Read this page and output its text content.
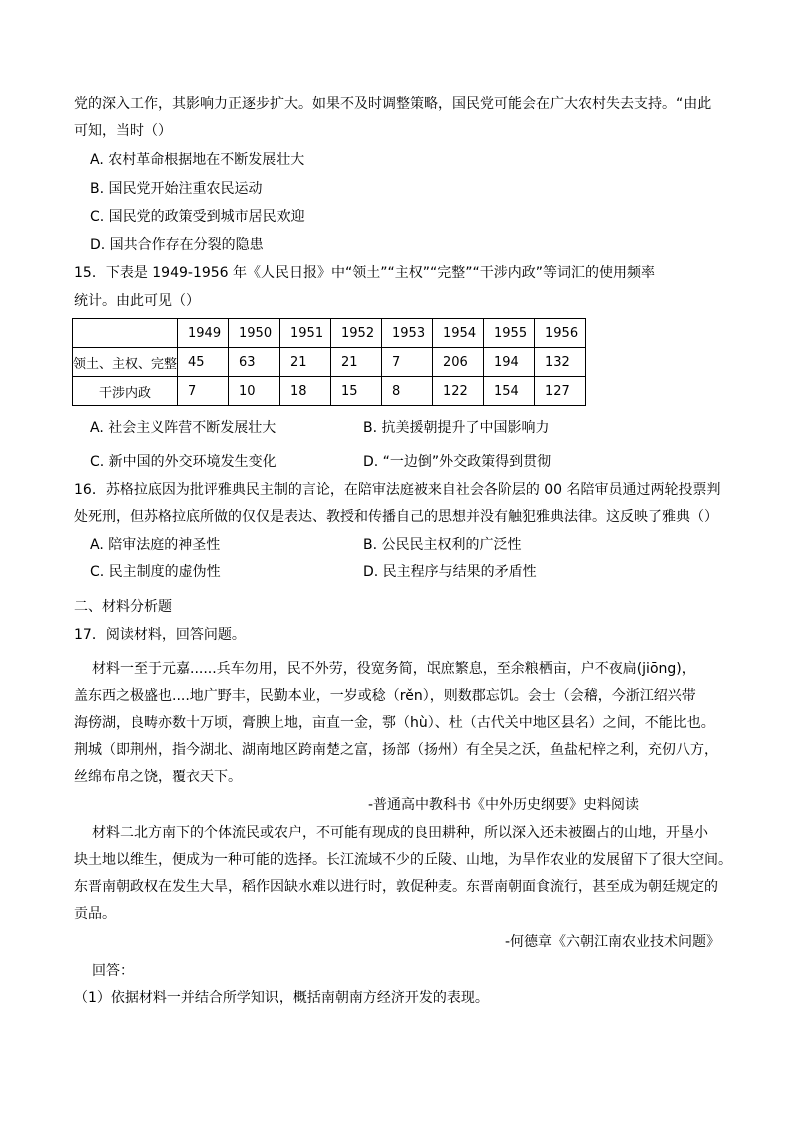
党的深入工作，其影响力正逐步扩大。如果不及时调整策略，国民党可能会在广大农村失去支持。“由此
可知，当时（）
A. 农村革命根据地在不断发展壮大
B. 国民党开始注重农民运动
C. 国民党的政策受到城市居民欢迎
D. 国共合作存在分裂的隐患
15．下表是 1949-1956 年《人民日报》中“领土”“主权”“完整”“干涉内政”等词汇的使用频率
统计。由此可见（）
	1949	1950	1951	1952	1953	1954	1955	1956
领土、主权、完整	45	63	21	21	7	206	194	132
干涉内政	7	10	18	15	8	122	154	127
A. 社会主义阵营不断发展壮大	B. 抗美援朝提升了中国影响力
C. 新中国的外交环境发生变化	D. “一边倒”外交政策得到贯彻
16．苏格拉底因为批评雅典民主制的言论，在陪审法庭被来自社会各阶层的 00 名陪审员通过两轮投票判
处死刑，但苏格拉底所做的仅仅是表达、教授和传播自己的思想并没有触犯雅典法律。这反映了雅典（）
A. 陪审法庭的神圣性	B. 公民民主权利的广泛性
C. 民主制度的虚伪性	D. 民主程序与结果的矛盾性
二、材料分析题
17．阅读材料，回答问题。
材料一至于元嘉......兵车勿用，民不外劳，役宽务简，氓庶繁息，至余粮栖亩，户不夜扃(jiōng)，
盖东西之极盛也....地广野丰，民勤本业，一岁或稔（rěn），则数郡忘饥。会士（会稽，今浙江绍兴带
海傍湖，良畴亦数十万顷，膏腴上地，亩直一金，鄠（hù）、杜（古代关中地区县名）之间，不能比也。
荆城（即荆州，指今湖北、湖南地区跨南楚之富，扬部（扬州）有全吴之沃，鱼盐杞梓之利，充仞八方，
丝绵布帛之饶，覆衣天下。
-普通高中教科书《中外历史纲要》史料阅读
材料二北方南下的个体流民或农户，不可能有现成的良田耕种，所以深入还未被圈占的山地，开垦小
块土地以维生，便成为一种可能的选择。长江流域不少的丘陵、山地，为旱作农业的发展留下了很大空间。
东晋南朝政权在发生大旱，稻作因缺水难以进行时，敦促种麦。东晋南朝面食流行，甚至成为朝廷规定的
贡品。
-何德章《六朝江南农业技术问题》
回答：
（1）依据材料一并结合所学知识，概括南朝南方经济开发的表现。
